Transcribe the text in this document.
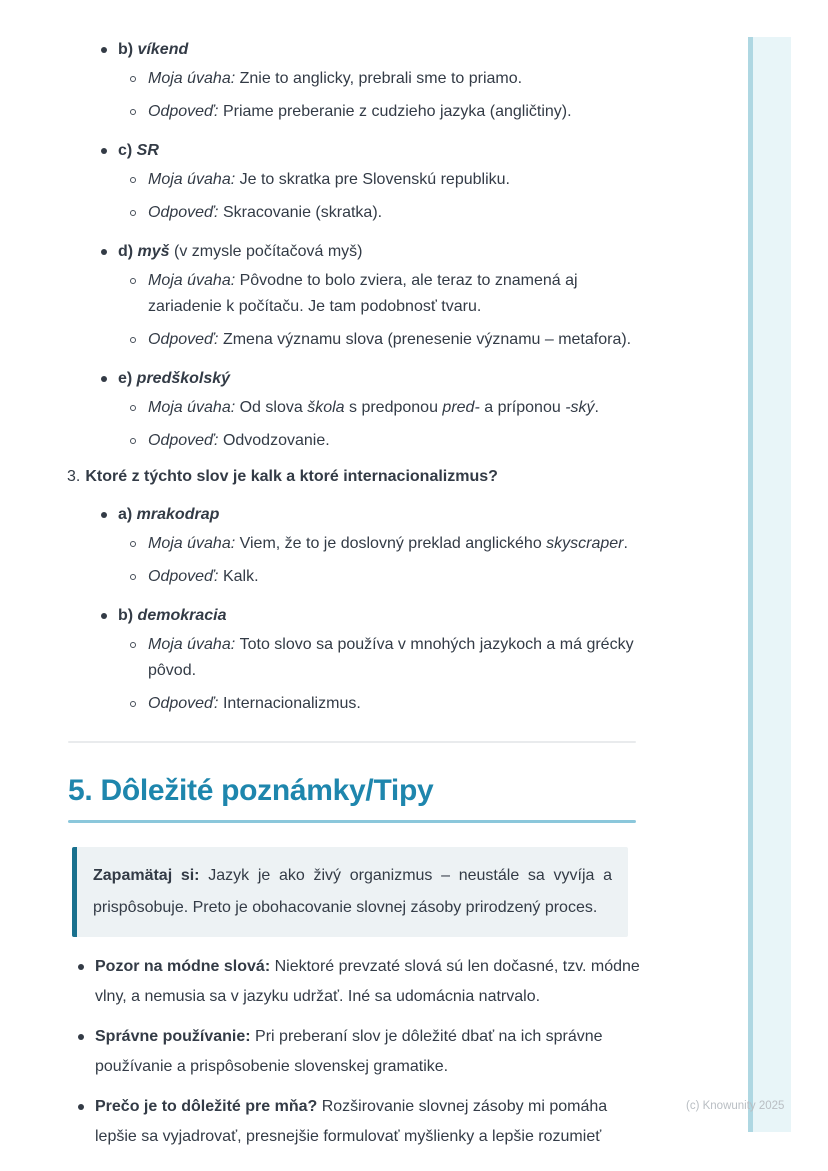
b) víkend
Moja úvaha: Znie to anglicky, prebrali sme to priamo.
Odpoveď: Priame preberanie z cudzieho jazyka (angličtiny).
c) SR
Moja úvaha: Je to skratka pre Slovenskú republiku.
Odpoveď: Skracovanie (skratka).
d) myš (v zmysle počítačová myš)
Moja úvaha: Pôvodne to bolo zviera, ale teraz to znamená aj zariadenie k počítaču. Je tam podobnosť tvaru.
Odpoveď: Zmena významu slova (prenesenie významu – metafora).
e) predškolský
Moja úvaha: Od slova škola s predponou pred- a príponou -ský.
Odpoveď: Odvodzovanie.
3. Ktoré z týchto slov je kalk a ktoré internacionalizmus?
a) mrakodrap
Moja úvaha: Viem, že to je doslovný preklad anglického skyscraper.
Odpoveď: Kalk.
b) demokracia
Moja úvaha: Toto slovo sa používa v mnohých jazykoch a má grécky pôvod.
Odpoveď: Internacionalizmus.
5. Dôležité poznámky/Tipy

Zapamätaj si: Jazyk je ako živý organizmus – neustále sa vyvíja a prispôsobuje. Preto je obohacovanie slovnej zásoby prirodzený proces.

Pozor na módne slová: Niektoré prevzaté slová sú len dočasné, tzv. módne vlny, a nemusia sa v jazyku udržať. Iné sa udomácnia natrvalo.
Správne používanie: Pri preberaní slov je dôležité dbať na ich správne používanie a prispôsobenie slovenskej gramatike.
Prečo je to dôležité pre mňa? Rozširovanie slovnej zásoby mi pomáha lepšie sa vyjadrovať, presnejšie formulovať myšlienky a lepšie rozumieť
(c) Knowunity 2025
